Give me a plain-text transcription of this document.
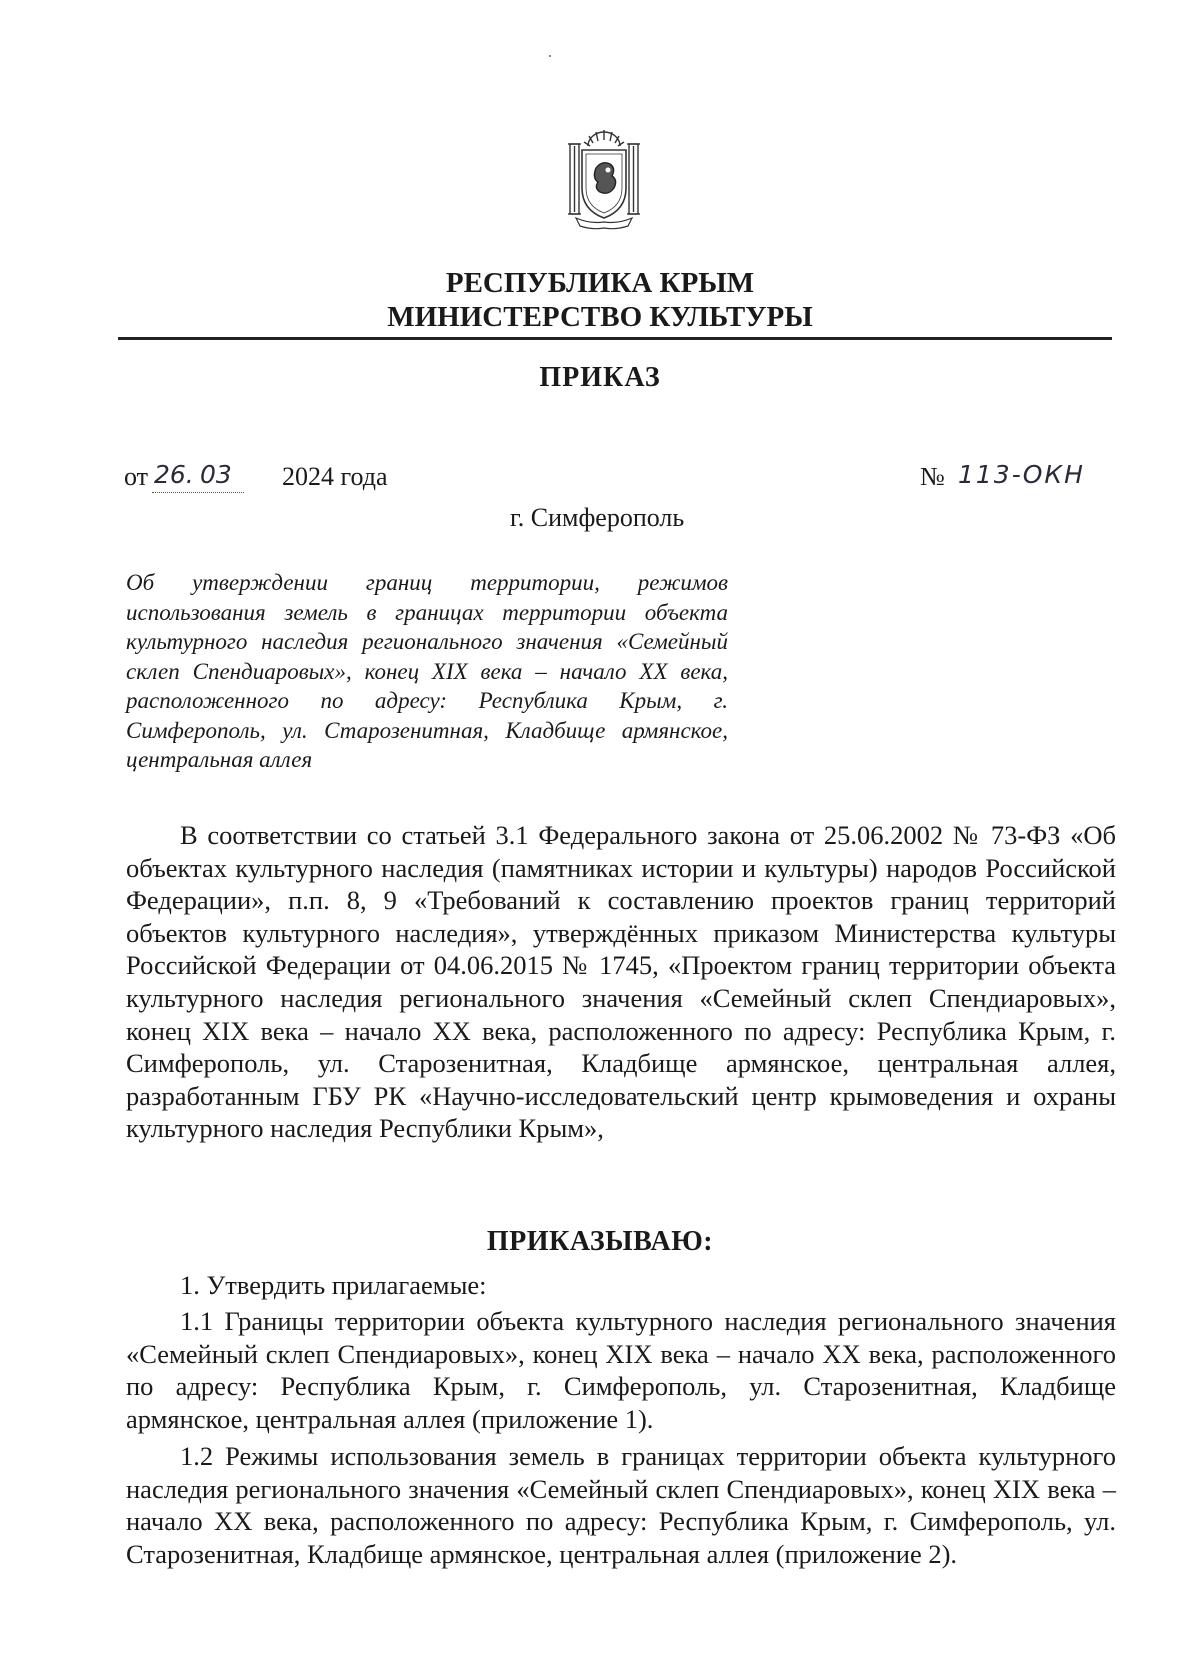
РЕСПУБЛИКА КРЫМ
МИНИСТЕРСТВО КУЛЬТУРЫ
ПРИКАЗ
от 26. 03 2024 года	№ 113-ОКН
г. Симферополь
Об утверждении границ территории, режимов использования земель в границах территории объекта культурного наследия регионального значения «Семейный склеп Спендиаровых», конец XIX века – начало XX века, расположенного по адресу: Республика Крым, г. Симферополь, ул. Старозенитная, Кладбище армянское, центральная аллея

В соответствии со статьей 3.1 Федерального закона от 25.06.2002 № 73-ФЗ «Об объектах культурного наследия (памятниках истории и культуры) народов Российской Федерации», п.п. 8, 9 «Требований к составлению проектов границ территорий объектов культурного наследия», утверждённых приказом Министерства культуры Российской Федерации от 04.06.2015 № 1745, «Проектом границ территории объекта культурного наследия регионального значения «Семейный склеп Спендиаровых», конец XIX века – начало XX века, расположенного по адресу: Республика Крым, г. Симферополь, ул. Старозенитная, Кладбище армянское, центральная аллея, разработанным ГБУ РК «Научно-исследовательский центр крымоведения и охраны культурного наследия Республики Крым»,

ПРИКАЗЫВАЮ:
1. Утвердить прилагаемые:

1.1 Границы территории объекта культурного наследия регионального значения «Семейный склеп Спендиаровых», конец XIX века – начало XX века, расположенного по адресу: Республика Крым, г. Симферополь, ул. Старозенитная, Кладбище армянское, центральная аллея (приложение 1).

1.2 Режимы использования земель в границах территории объекта культурного наследия регионального значения «Семейный склеп Спендиаровых», конец XIX века – начало XX века, расположенного по адресу: Республика Крым, г. Симферополь, ул. Старозенитная, Кладбище армянское, центральная аллея (приложение 2).
